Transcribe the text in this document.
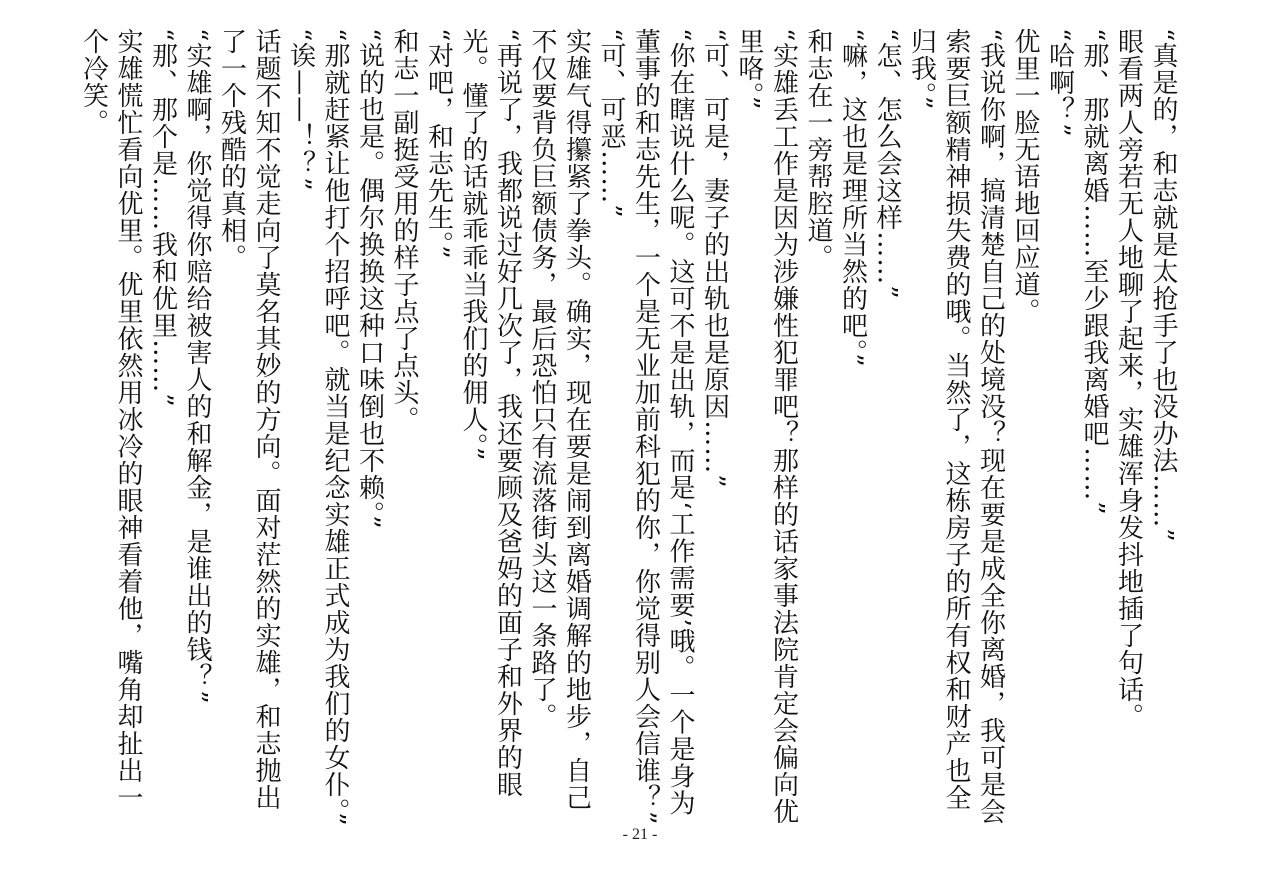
“真是的，和志就是太抢手了也没办法……”

眼看两人旁若无人地聊了起来，实雄浑身发抖地插了句话。

“那、那就离婚……至少跟我离婚吧……”

“哈啊？”

优里一脸无语地回应道。

“我说你啊，搞清楚自己的处境没？现在要是成全你离婚，我可是会索要巨额精神损失费的哦。当然了，这栋房子的所有权和财产也全归我。”

“怎、怎么会这样……”

“嘛，这也是理所当然的吧。”

和志在一旁帮腔道。

“实雄丢工作是因为涉嫌性犯罪吧？那样的话家事法院肯定会偏向优里咯。”

“可、可是，妻子的出轨也是原因……”

“你在瞎说什么呢。这可不是出轨，而是‘工作需要’哦。一个是身为董事的和志先生，一个是无业加前科犯的你，你觉得别人会信谁？”

“可、可恶……”

实雄气得攥紧了拳头。确实，现在要是闹到离婚调解的地步，自己不仅要背负巨额债务，最后恐怕只有流落街头这一条路了。

“再说了，我都说过好几次了，我还要顾及爸妈的面子和外界的眼光。懂了的话就乖乖当我们的佣人。”

“对吧，和志先生。”

和志一副挺受用的样子点了点头。

“说的也是。偶尔换换这种口味倒也不赖。”

“那就赶紧让他打个招呼吧。就当是纪念实雄正式成为我们的女仆。”

“诶——！？”

话题不知不觉走向了莫名其妙的方向。面对茫然的实雄，和志抛出了一个残酷的真相。

“实雄啊，你觉得你赔给被害人的和解金，是谁出的钱？”

“那、那个是……我和优里……”

实雄慌忙看向优里。优里依然用冰冷的眼神看着他，嘴角却扯出一个冷笑。

- 21 -
